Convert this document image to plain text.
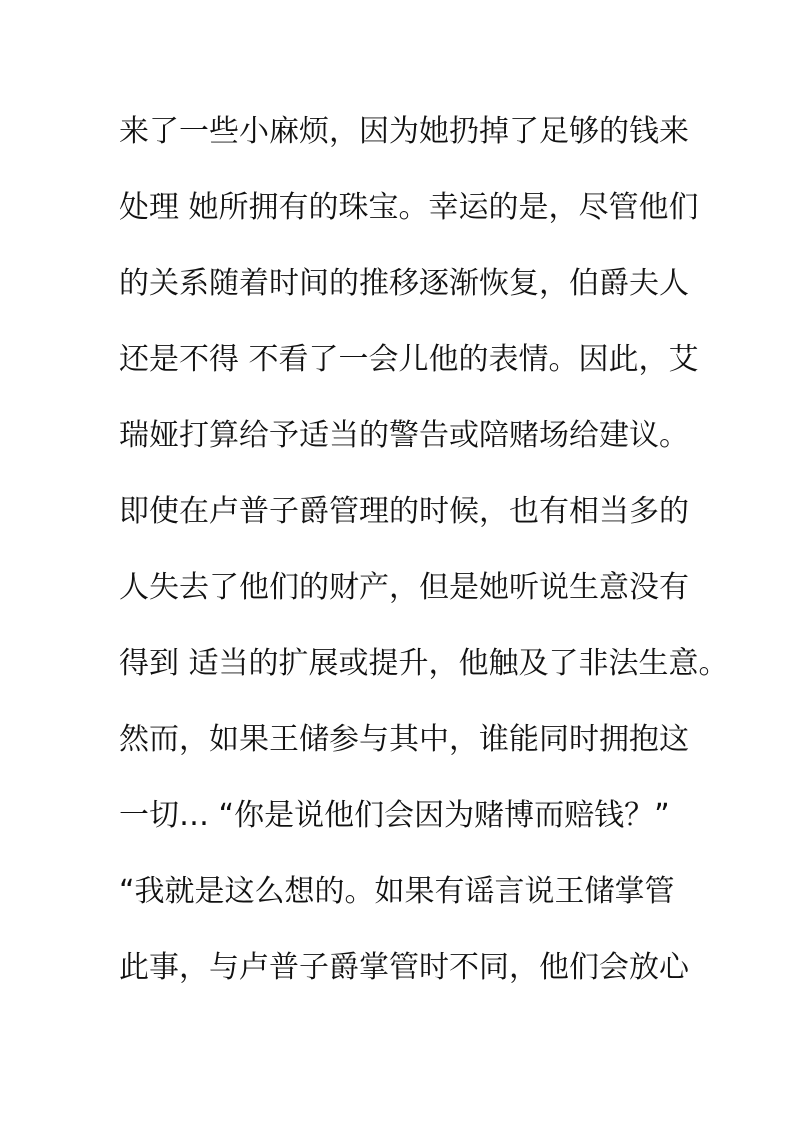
来了一些小麻烦，因为她扔掉了足够的钱来
处理 她所拥有的珠宝。幸运的是，尽管他们
的关系随着时间的推移逐渐恢复，伯爵夫人
还是不得 不看了一会儿他的表情。因此，艾
瑞娅打算给予适当的警告或陪赌场给建议。
即使在卢普子爵管理的时候，也有相当多的
人失去了他们的财产，但是她听说生意没有
得到 适当的扩展或提升，他触及了非法生意。
然而，如果王储参与其中，谁能同时拥抱这
一切… “你是说他们会因为赌博而赔钱？”
“我就是这么想的。如果有谣言说王储掌管
此事，与卢普子爵掌管时不同，他们会放心
